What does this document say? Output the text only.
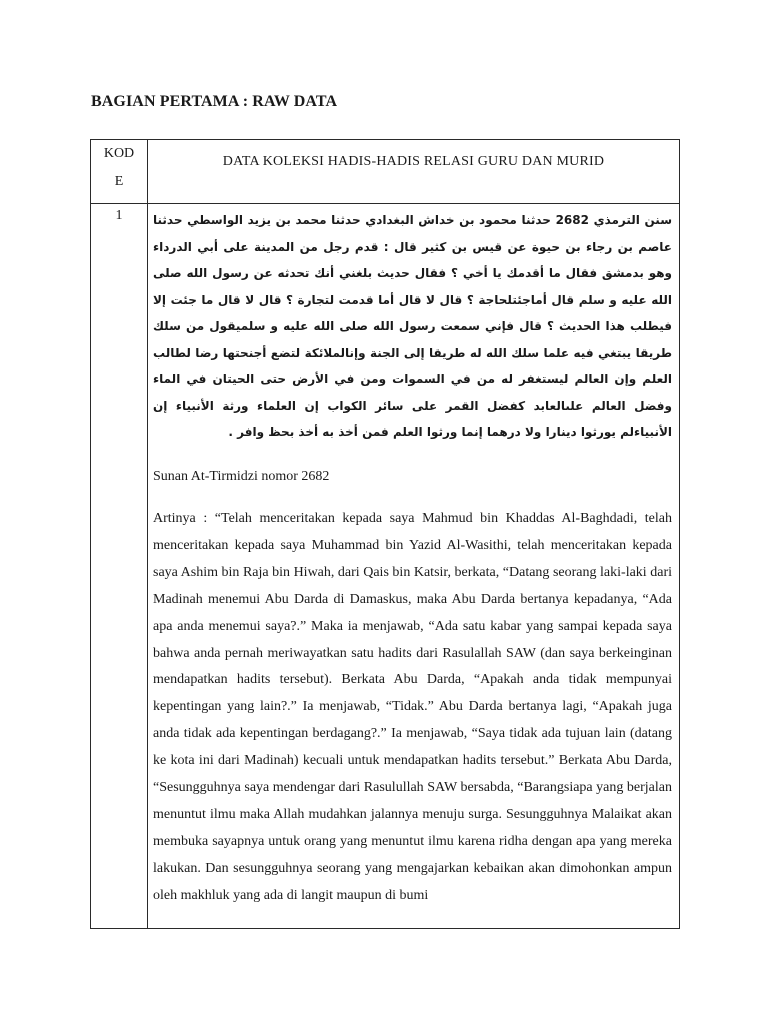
BAGIAN PERTAMA : RAW DATA
KOD
E
DATA KOLEKSI HADIS-HADIS RELASI GURU DAN MURID
1	سنن الترمذي 2682 حدثنا محمود بن خداش البغدادي حدثنا محمد بن يزيد الواسطي حدثنا عاصم بن رجاء بن حيوة عن قيس بن كثير قال : قدم رجل من المدينة على أبي الدرداء وهو بدمشق فقال ما أقدمك يا أخي ؟ فقال حديث بلغني أنك تحدثه عن رسول الله صلى الله عليه و سلم قال أماجئتلحاجة ؟ قال لا قال أما قدمت لتجارة ؟ قال لا قال ما جئت إلا فيطلب هذا الحديث ؟ قال فإني سمعت رسول الله صلى الله عليه و سلميقول من سلك طريقا يبتغي فيه علما سلك الله له طريقا إلى الجنة وإنالملائكة لتضع أجنحتها رضا لطالب العلم وإن العالم ليستغفر له من في السموات ومن في الأرض حتى الحيتان في الماء وفضل العالم علىالعابد كفضل القمر على سائر الكواب إن العلماء ورثة الأنبياء إن الأنبياءلم يورثوا دينارا ولا درهما إنما ورثوا العلم فمن أخذ به أخذ بحظ وافر .

Sunan At-Tirmidzi nomor 2682

Artinya : “Telah menceritakan kepada saya Mahmud bin Khaddas Al-Baghdadi, telah menceritakan kepada saya Muhammad bin Yazid Al-Wasithi, telah menceritakan kepada saya Ashim bin Raja bin Hiwah, dari Qais bin Katsir, berkata, “Datang seorang laki-laki dari Madinah menemui Abu Darda di Damaskus, maka Abu Darda bertanya kepadanya, “Ada apa anda menemui saya?.” Maka ia menjawab, “Ada satu kabar yang sampai kepada saya bahwa anda pernah meriwayatkan satu hadits dari Rasulallah SAW (dan saya berkeinginan mendapatkan hadits tersebut). Berkata Abu Darda, “Apakah anda tidak mempunyai kepentingan yang lain?.” Ia menjawab, “Tidak.” Abu Darda bertanya lagi, “Apakah juga anda tidak ada kepentingan berdagang?.” Ia menjawab, “Saya tidak ada tujuan lain (datang ke kota ini dari Madinah) kecuali untuk mendapatkan hadits tersebut.” Berkata Abu Darda, “Sesungguhnya saya mendengar dari Rasulullah SAW bersabda, “Barangsiapa yang berjalan menuntut ilmu maka Allah mudahkan jalannya menuju surga. Sesungguhnya Malaikat akan membuka sayapnya untuk orang yang menuntut ilmu karena ridha dengan apa yang mereka lakukan. Dan sesungguhnya seorang yang mengajarkan kebaikan akan dimohonkan ampun oleh makhluk yang ada di langit maupun di bumi
